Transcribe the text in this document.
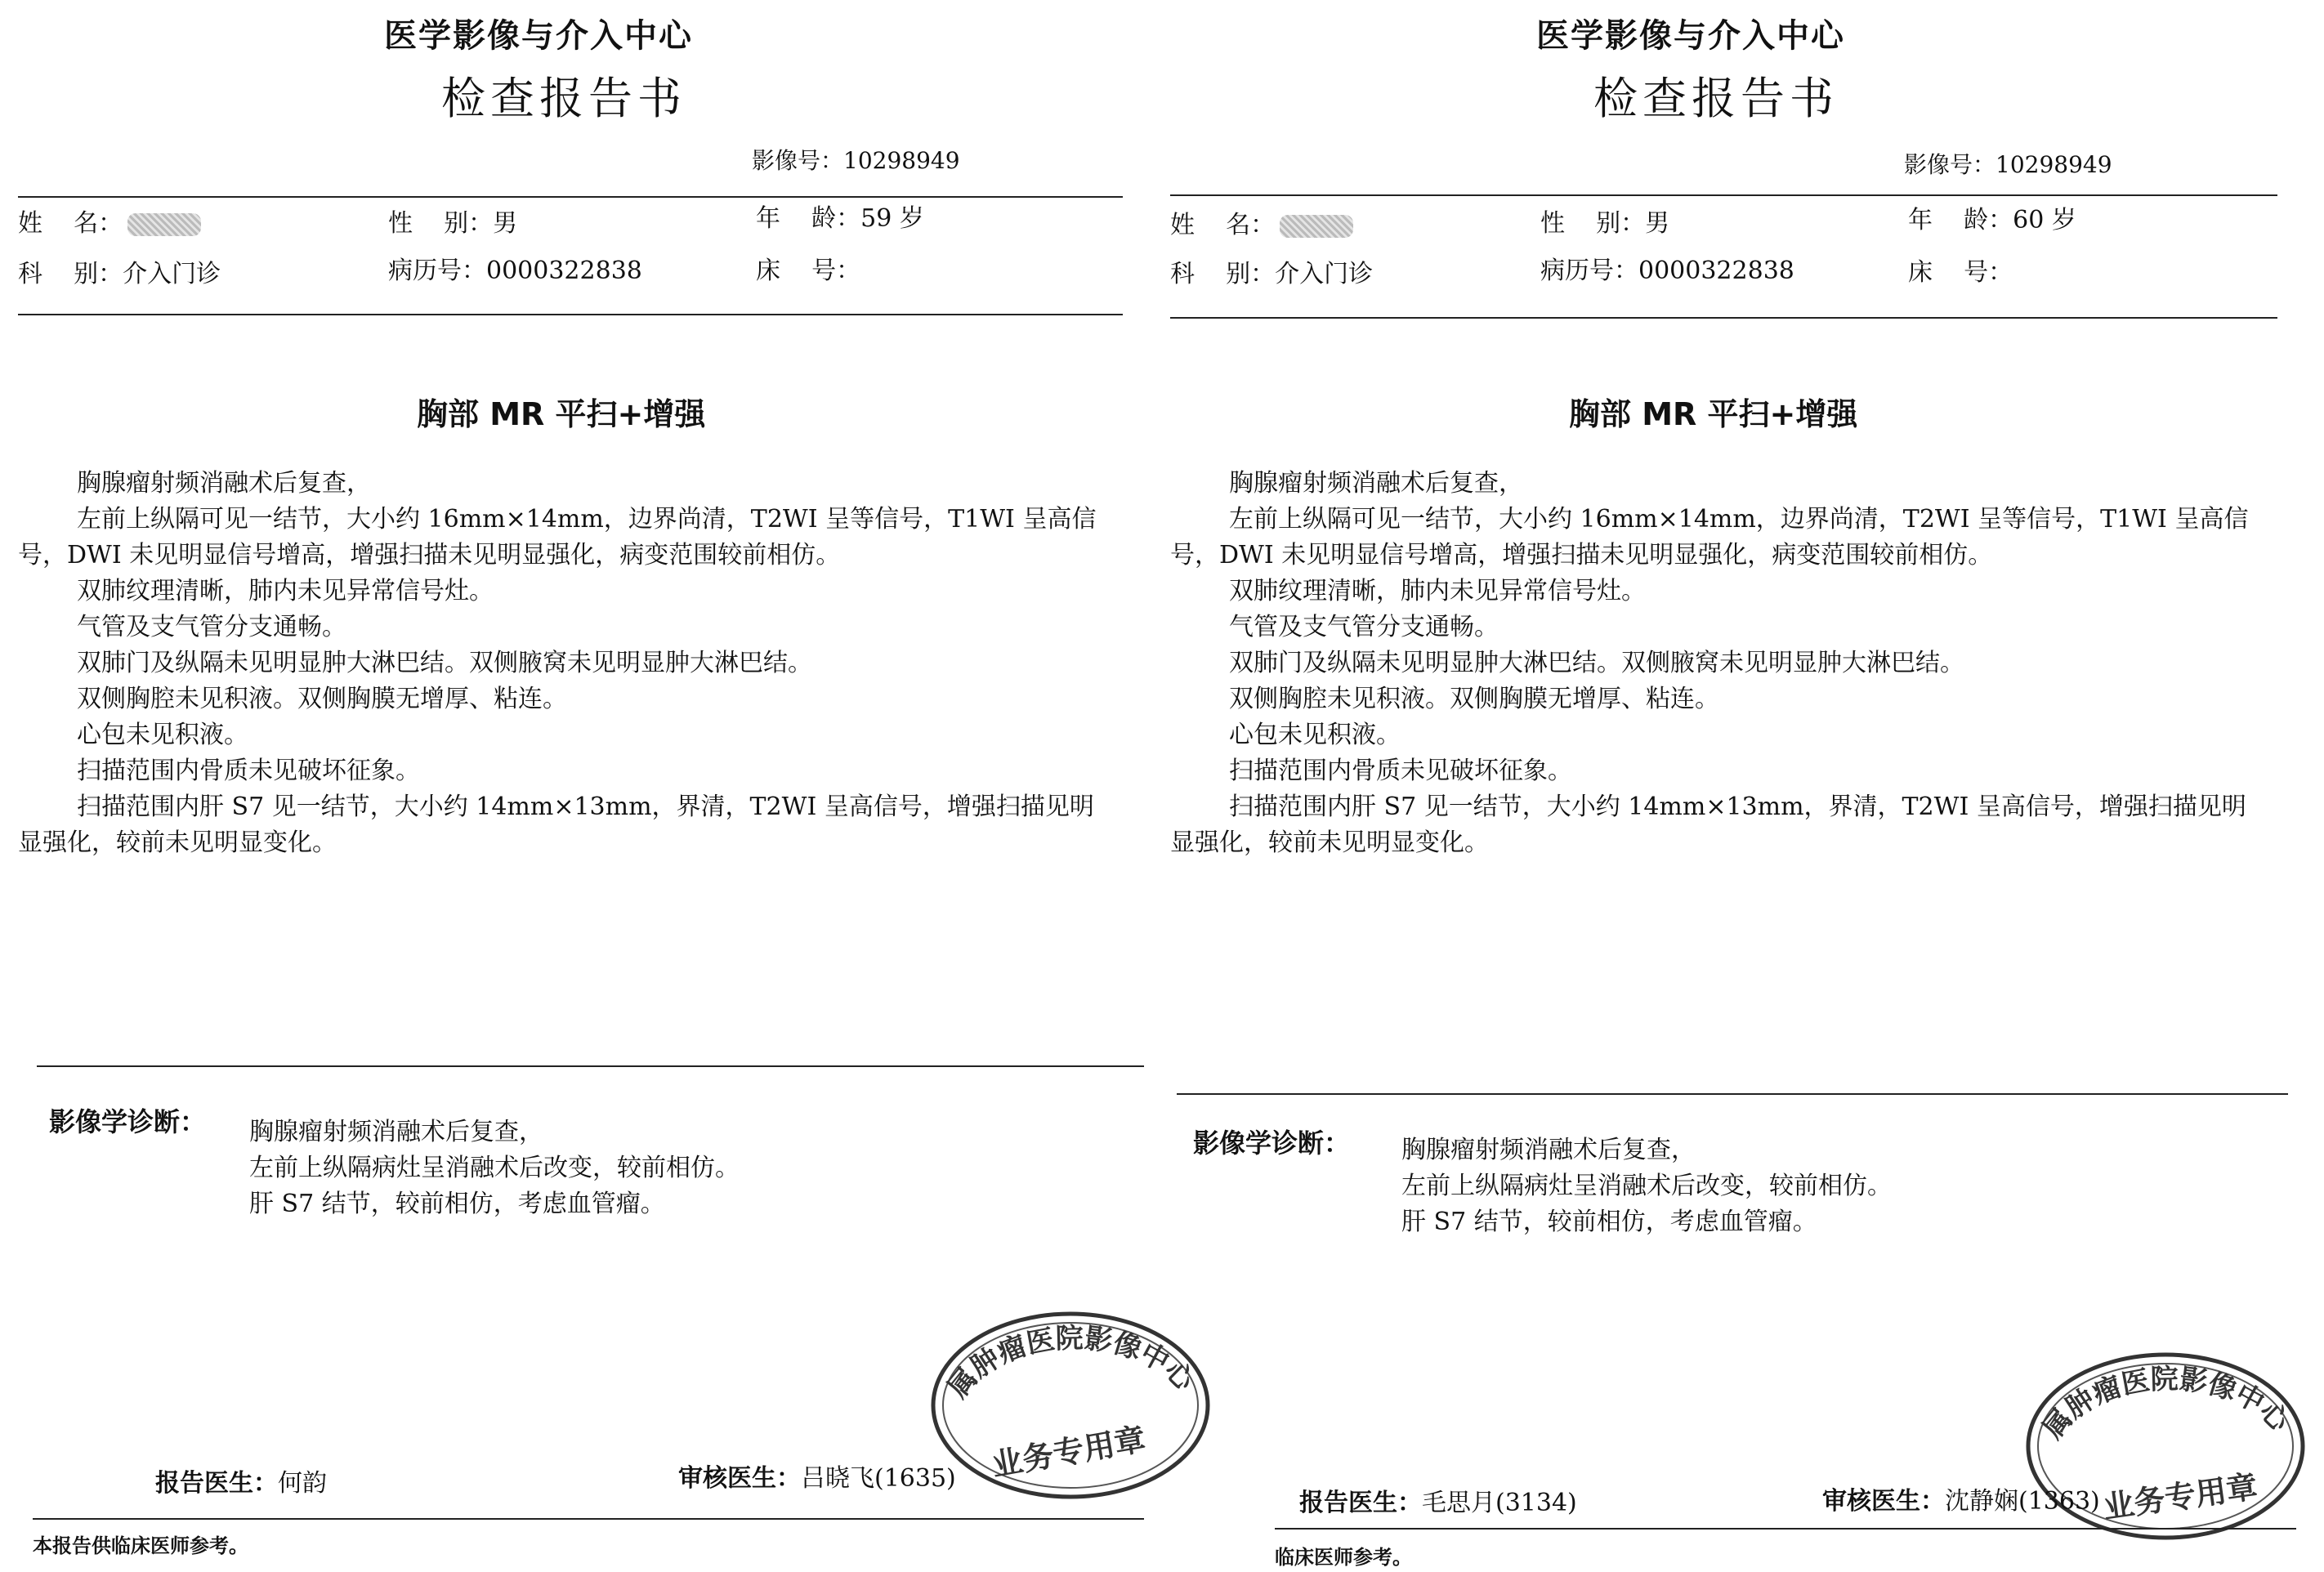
医学影像与介入中心
检查报告书
影像号：10298949
姓    名：	性    别：男	年    龄：59 岁
科    别：介入门诊	病历号：0000322838	床    号：
胸部 MR 平扫+增强

胸腺瘤射频消融术后复查，

左前上纵隔可见一结节，大小约 16mm×14mm，边界尚清，T2WI 呈等信号，T1WI 呈高信号，DWI 未见明显信号增高，增强扫描未见明显强化，病变范围较前相仿。

双肺纹理清晰，肺内未见异常信号灶。

气管及支气管分支通畅。

双肺门及纵隔未见明显肿大淋巴结。双侧腋窝未见明显肿大淋巴结。

双侧胸腔未见积液。双侧胸膜无增厚、粘连。

心包未见积液。

扫描范围内骨质未见破坏征象。

扫描范围内肝 S7 见一结节，大小约 14mm×13mm，界清，T2WI 呈高信号，增强扫描见明显强化，较前未见明显变化。

影像学诊断： 胸腺瘤射频消融术后复查，

左前上纵隔病灶呈消融术后改变，较前相仿。

肝 S7 结节，较前相仿，考虑血管瘤。

属肿瘤医院影像中心
业务专用章
报告医生：何韵	审核医生：吕晓飞(1635)
本报告供临床医师参考。
医学影像与介入中心
检查报告书
影像号：10298949
姓    名：	性    别：男	年    龄：60 岁
科    别：介入门诊	病历号：0000322838	床    号：
胸部 MR 平扫+增强

胸腺瘤射频消融术后复查，

左前上纵隔可见一结节，大小约 16mm×14mm，边界尚清，T2WI 呈等信号，T1WI 呈高信号，DWI 未见明显信号增高，增强扫描未见明显强化，病变范围较前相仿。

双肺纹理清晰，肺内未见异常信号灶。

气管及支气管分支通畅。

双肺门及纵隔未见明显肿大淋巴结。双侧腋窝未见明显肿大淋巴结。

双侧胸腔未见积液。双侧胸膜无增厚、粘连。

心包未见积液。

扫描范围内骨质未见破坏征象。

扫描范围内肝 S7 见一结节，大小约 14mm×13mm，界清，T2WI 呈高信号，增强扫描见明显强化，较前未见明显变化。

影像学诊断： 胸腺瘤射频消融术后复查，

左前上纵隔病灶呈消融术后改变，较前相仿。

肝 S7 结节，较前相仿，考虑血管瘤。

属肿瘤医院影像中心
业务专用章
报告医生：毛思月(3134)	审核医生：沈静娴(1363)
临床医师参考。
